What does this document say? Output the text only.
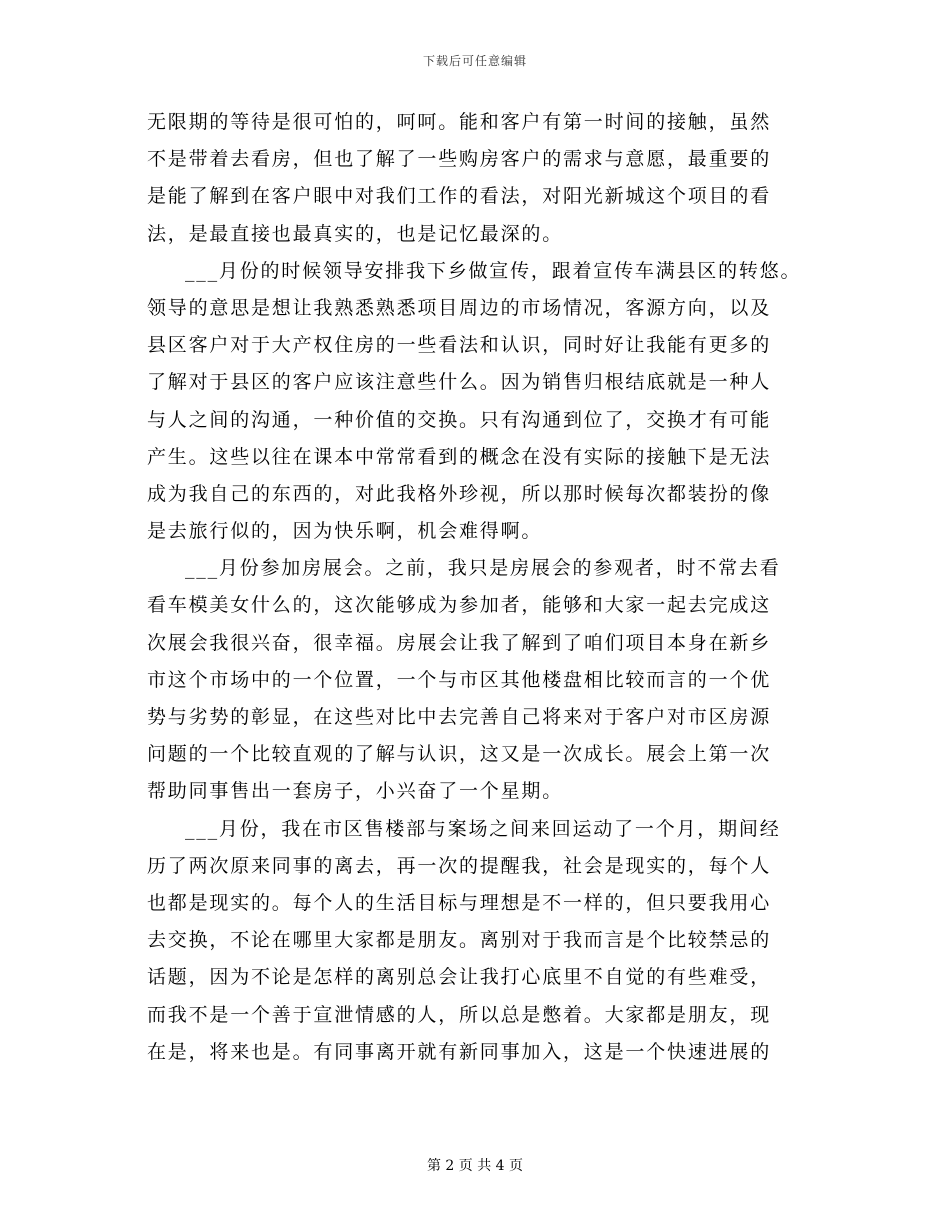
下载后可任意编辑
无限期的等待是很可怕的，呵呵。能和客户有第一时间的接触，虽然
不是带着去看房，但也了解了一些购房客户的需求与意愿，最重要的
是能了解到在客户眼中对我们工作的看法，对阳光新城这个项目的看
法，是最直接也最真实的，也是记忆最深的。
___月份的时候领导安排我下乡做宣传，跟着宣传车满县区的转悠。
领导的意思是想让我熟悉熟悉项目周边的市场情况，客源方向，以及
县区客户对于大产权住房的一些看法和认识，同时好让我能有更多的
了解对于县区的客户应该注意些什么。因为销售归根结底就是一种人
与人之间的沟通，一种价值的交换。只有沟通到位了，交换才有可能
产生。这些以往在课本中常常看到的概念在没有实际的接触下是无法
成为我自己的东西的，对此我格外珍视，所以那时候每次都装扮的像
是去旅行似的，因为快乐啊，机会难得啊。
___月份参加房展会。之前，我只是房展会的参观者，时不常去看
看车模美女什么的，这次能够成为参加者，能够和大家一起去完成这
次展会我很兴奋，很幸福。房展会让我了解到了咱们项目本身在新乡
市这个市场中的一个位置，一个与市区其他楼盘相比较而言的一个优
势与劣势的彰显，在这些对比中去完善自己将来对于客户对市区房源
问题的一个比较直观的了解与认识，这又是一次成长。展会上第一次
帮助同事售出一套房子，小兴奋了一个星期。
___月份，我在市区售楼部与案场之间来回运动了一个月，期间经
历了两次原来同事的离去，再一次的提醒我，社会是现实的，每个人
也都是现实的。每个人的生活目标与理想是不一样的，但只要我用心
去交换，不论在哪里大家都是朋友。离别对于我而言是个比较禁忌的
话题，因为不论是怎样的离别总会让我打心底里不自觉的有些难受，
而我不是一个善于宣泄情感的人，所以总是憋着。大家都是朋友，现
在是，将来也是。有同事离开就有新同事加入，这是一个快速进展的
第 2 页 共 4 页
